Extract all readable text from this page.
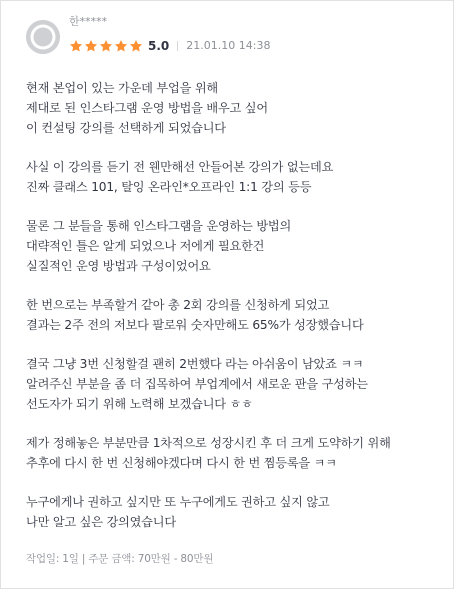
한*****
5.0 21.01.10 14:38
현재 본업이 있는 가운데 부업을 위해
제대로 된 인스타그램 운영 방법을 배우고 싶어
이 컨설팅 강의를 선택하게 되었습니다
사실 이 강의를 듣기 전 웬만해선 안들어본 강의가 없는데요
진짜 클래스 101, 탈잉 온라인*오프라인 1:1 강의 등등
물론 그 분들을 통해 인스타그램을 운영하는 방법의
대략적인 틀은 알게 되었으나 저에게 필요한건
실질적인 운영 방법과 구성이었어요
한 번으로는 부족할거 같아 총 2회 강의를 신청하게 되었고
결과는 2주 전의 저보다 팔로워 숫자만해도 65%가 성장했습니다
결국 그냥 3번 신청할걸 괜히 2번했다 라는 아쉬움이 남았죠 ㅋㅋ
알려주신 부분을 좀 더 집목하여 부업계에서 새로운 판을 구성하는
선도자가 되기 위해 노력해 보겠습니다 ㅎㅎ
제가 정해놓은 부분만큼 1차적으로 성장시킨 후 더 크게 도약하기 위해
추후에 다시 한 번 신청해야겠다며 다시 한 번 찜등록을 ㅋㅋ
누구에게나 권하고 싶지만 또 누구에게도 권하고 싶지 않고
나만 알고 싶은 강의였습니다
작업일: 1일 | 주문 금액: 70만원 - 80만원
